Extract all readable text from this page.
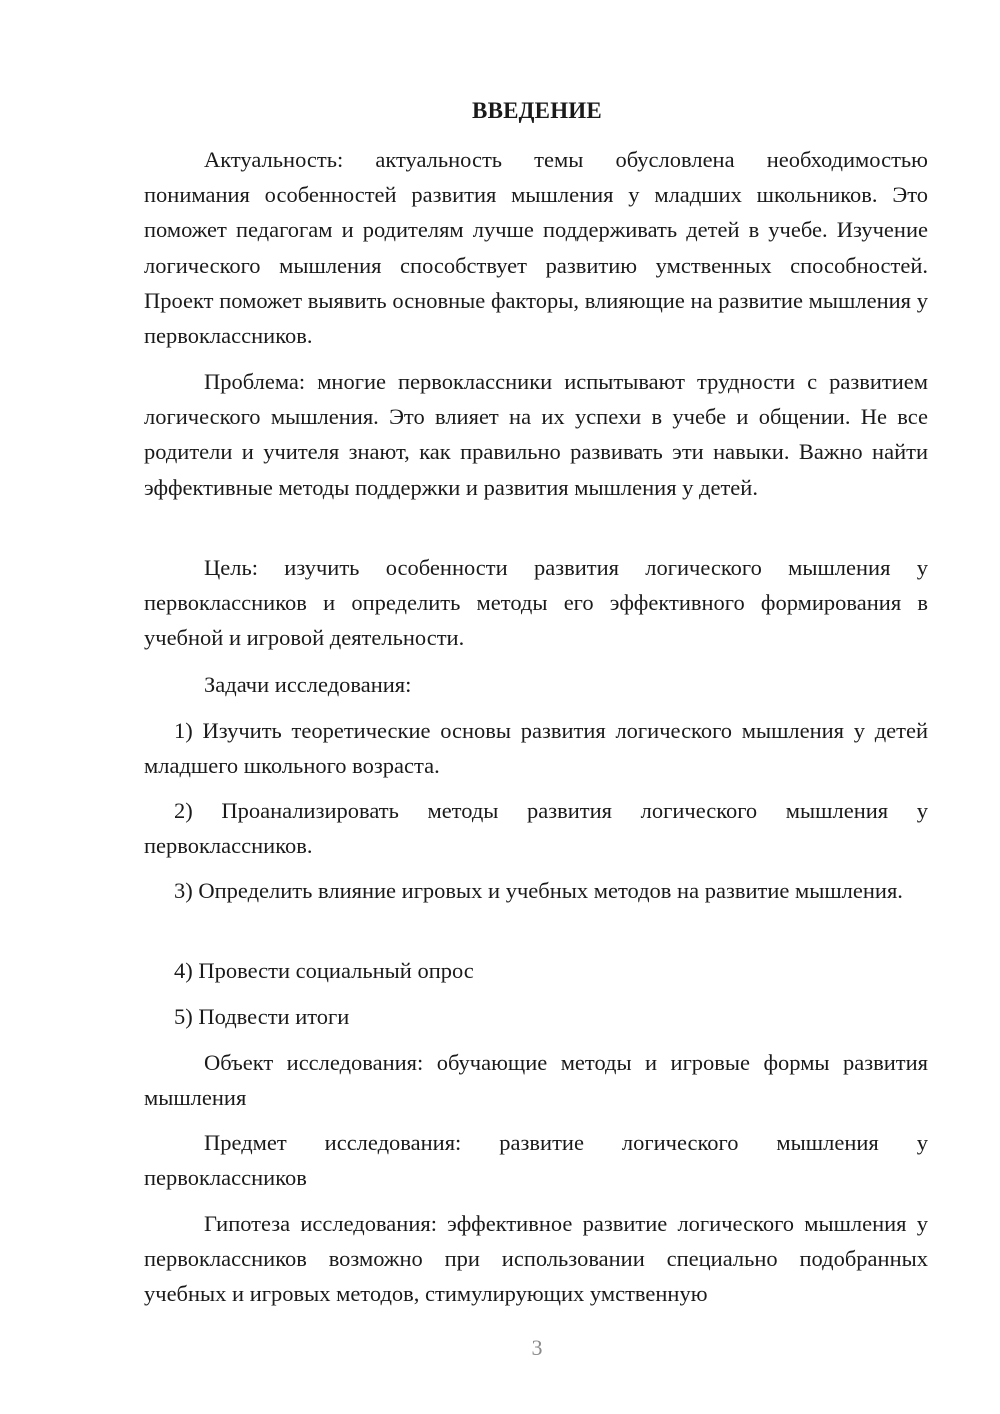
ВВЕДЕНИЕ

Актуальность: актуальность темы обусловлена необходимостью понимания особенностей развития мышления у младших школьников. Это поможет педагогам и родителям лучше поддерживать детей в учебе. Изучение логического мышления способствует развитию умственных способностей. Проект поможет выявить основные факторы, влияющие на развитие мышления у первоклассников.

Проблема: многие первоклассники испытывают трудности с развитием логического мышления. Это влияет на их успехи в учебе и общении. Не все родители и учителя знают, как правильно развивать эти навыки. Важно найти эффективные методы поддержки и развития мышления у детей.

Цель: изучить особенности развития логического мышления у первоклассников и определить методы его эффективного формирования в учебной и игровой деятельности.

Задачи исследования:

1) Изучить теоретические основы развития логического мышления у детей младшего школьного возраста.

2) Проанализировать методы развития логического мышления у первоклассников.

3) Определить влияние игровых и учебных методов на развитие мышления.

4) Провести социальный опрос

5) Подвести итоги

Объект исследования: обучающие методы и игровые формы развития мышления

Предмет исследования: развитие логического мышления у первоклассников

Гипотеза исследования: эффективное развитие логического мышления у первоклассников возможно при использовании специально подобранных учебных и игровых методов, стимулирующих умственную

3
